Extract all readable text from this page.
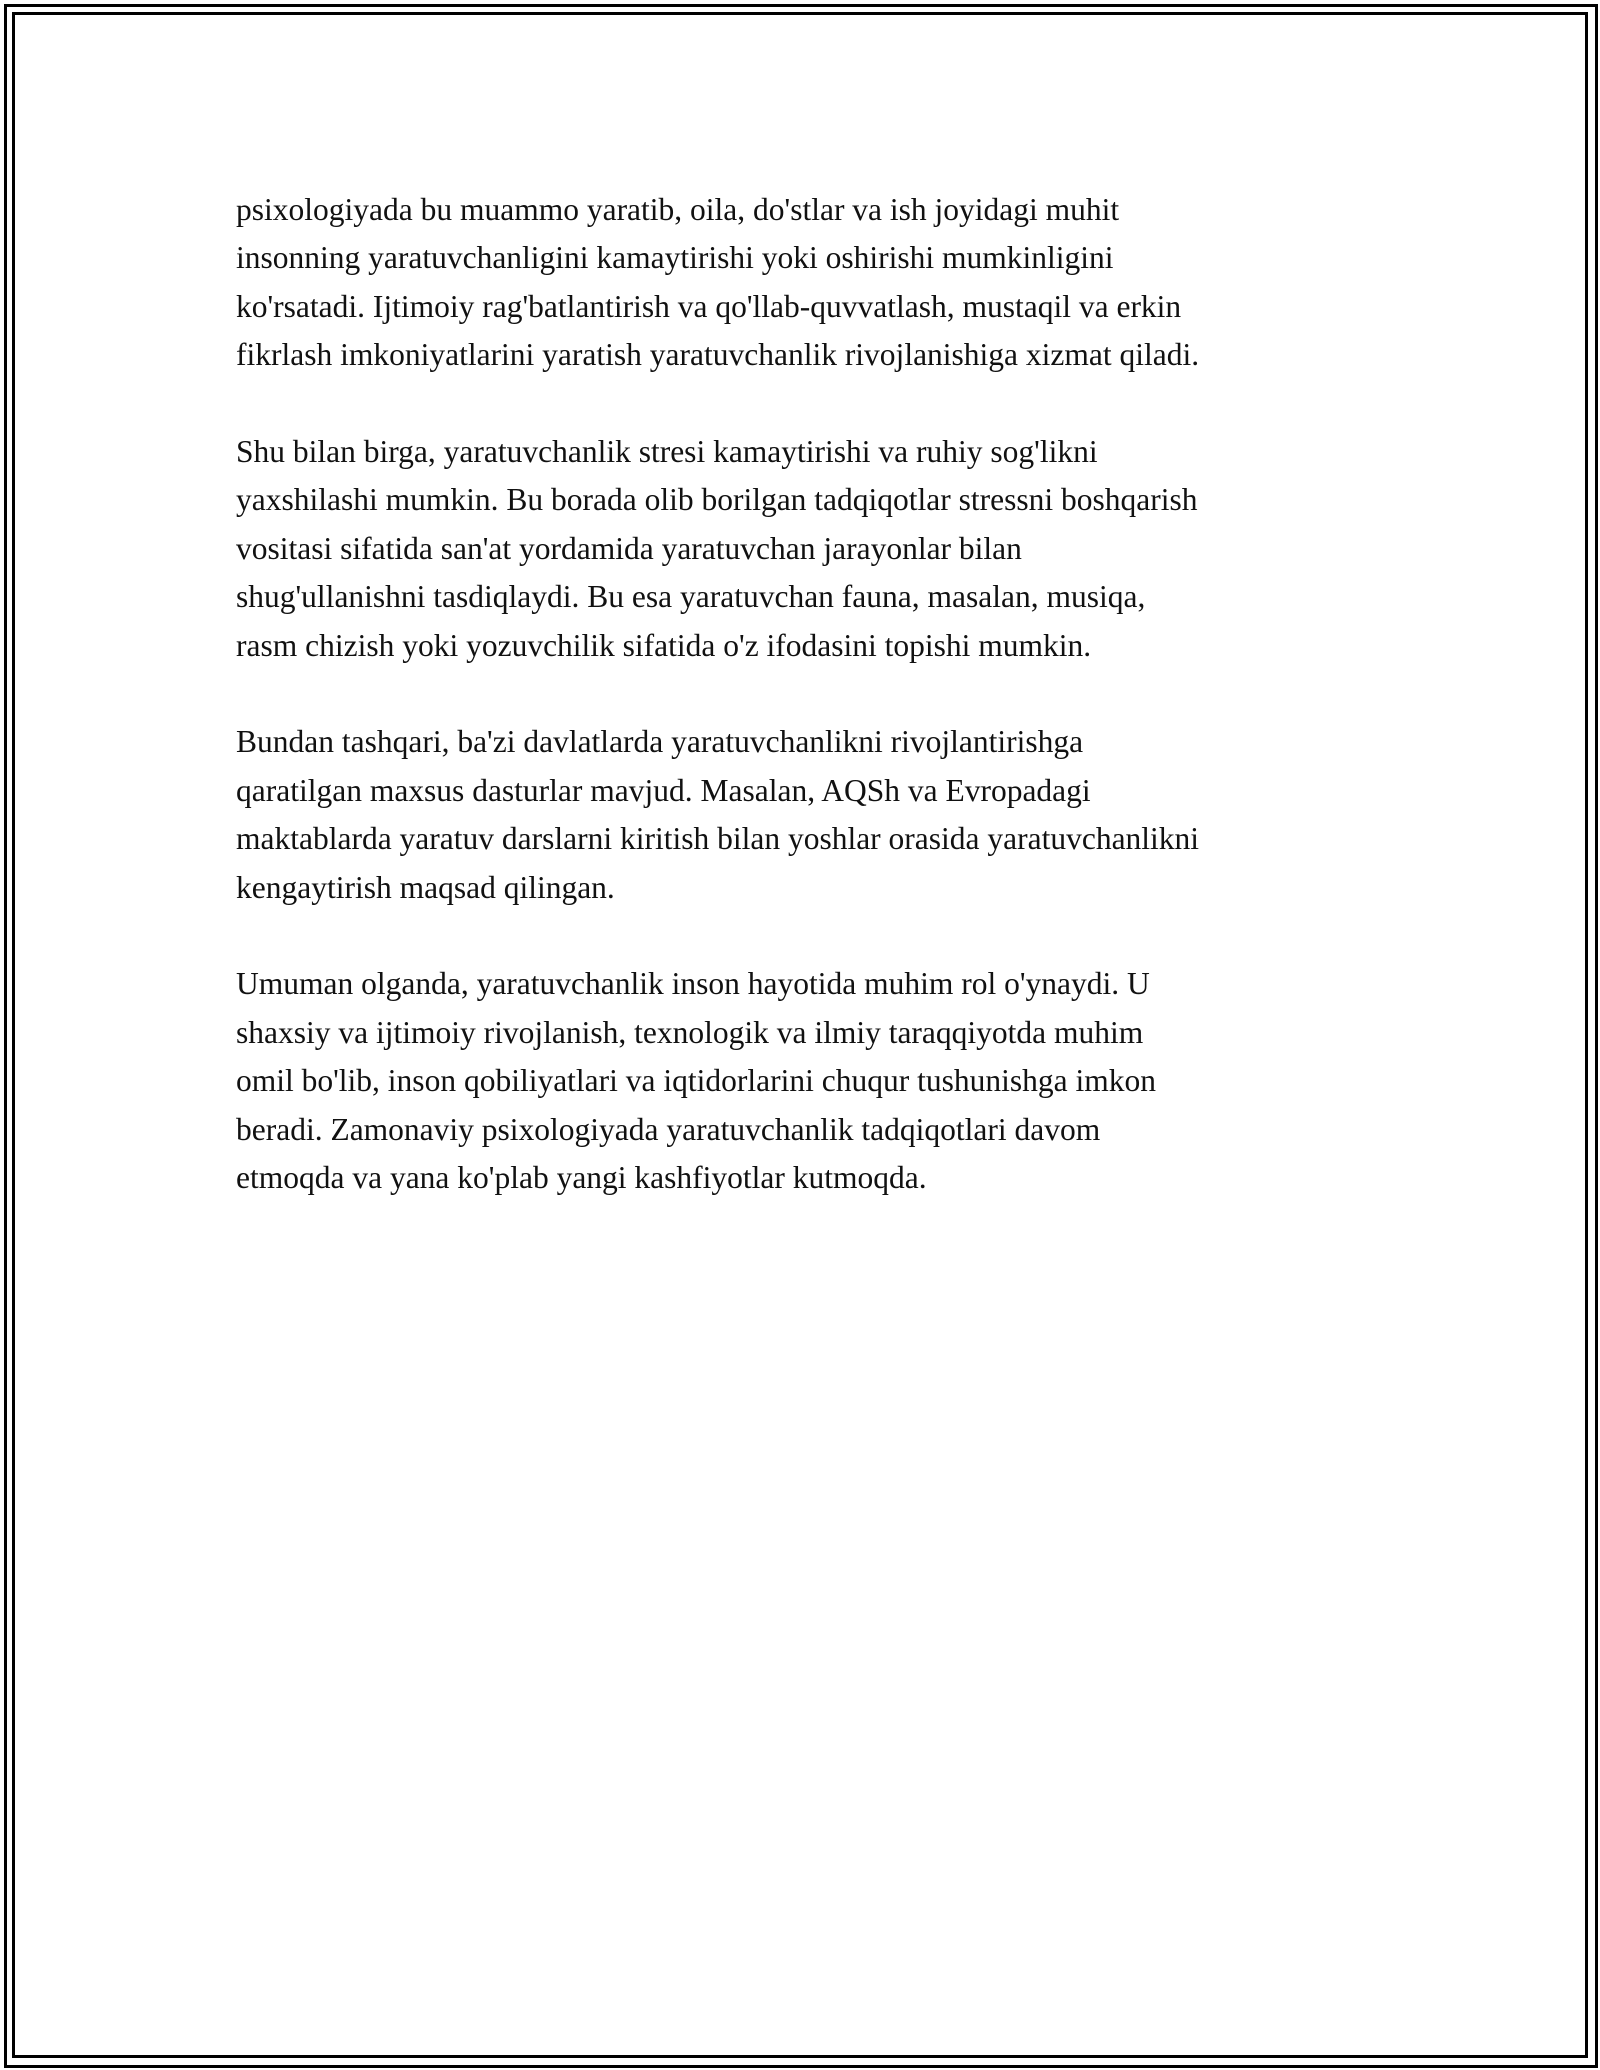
psixologiyada bu muammo yaratib, oila, do'stlar va ish joyidagi muhit
insonning yaratuvchanligini kamaytirishi yoki oshirishi mumkinligini
ko'rsatadi. Ijtimoiy rag'batlantirish va qo'llab-quvvatlash, mustaqil va erkin
fikrlash imkoniyatlarini yaratish yaratuvchanlik rivojlanishiga xizmat qiladi.

Shu bilan birga, yaratuvchanlik stresi kamaytirishi va ruhiy sog'likni
yaxshilashi mumkin. Bu borada olib borilgan tadqiqotlar stressni boshqarish
vositasi sifatida san'at yordamida yaratuvchan jarayonlar bilan
shug'ullanishni tasdiqlaydi. Bu esa yaratuvchan fauna, masalan, musiqa,
rasm chizish yoki yozuvchilik sifatida o'z ifodasini topishi mumkin.

Bundan tashqari, ba'zi davlatlarda yaratuvchanlikni rivojlantirishga
qaratilgan maxsus dasturlar mavjud. Masalan, AQSh va Evropadagi
maktablarda yaratuv darslarni kiritish bilan yoshlar orasida yaratuvchanlikni
kengaytirish maqsad qilingan.

Umuman olganda, yaratuvchanlik inson hayotida muhim rol o'ynaydi. U
shaxsiy va ijtimoiy rivojlanish, texnologik va ilmiy taraqqiyotda muhim
omil bo'lib, inson qobiliyatlari va iqtidorlarini chuqur tushunishga imkon
beradi. Zamonaviy psixologiyada yaratuvchanlik tadqiqotlari davom
etmoqda va yana ko'plab yangi kashfiyotlar kutmoqda.
